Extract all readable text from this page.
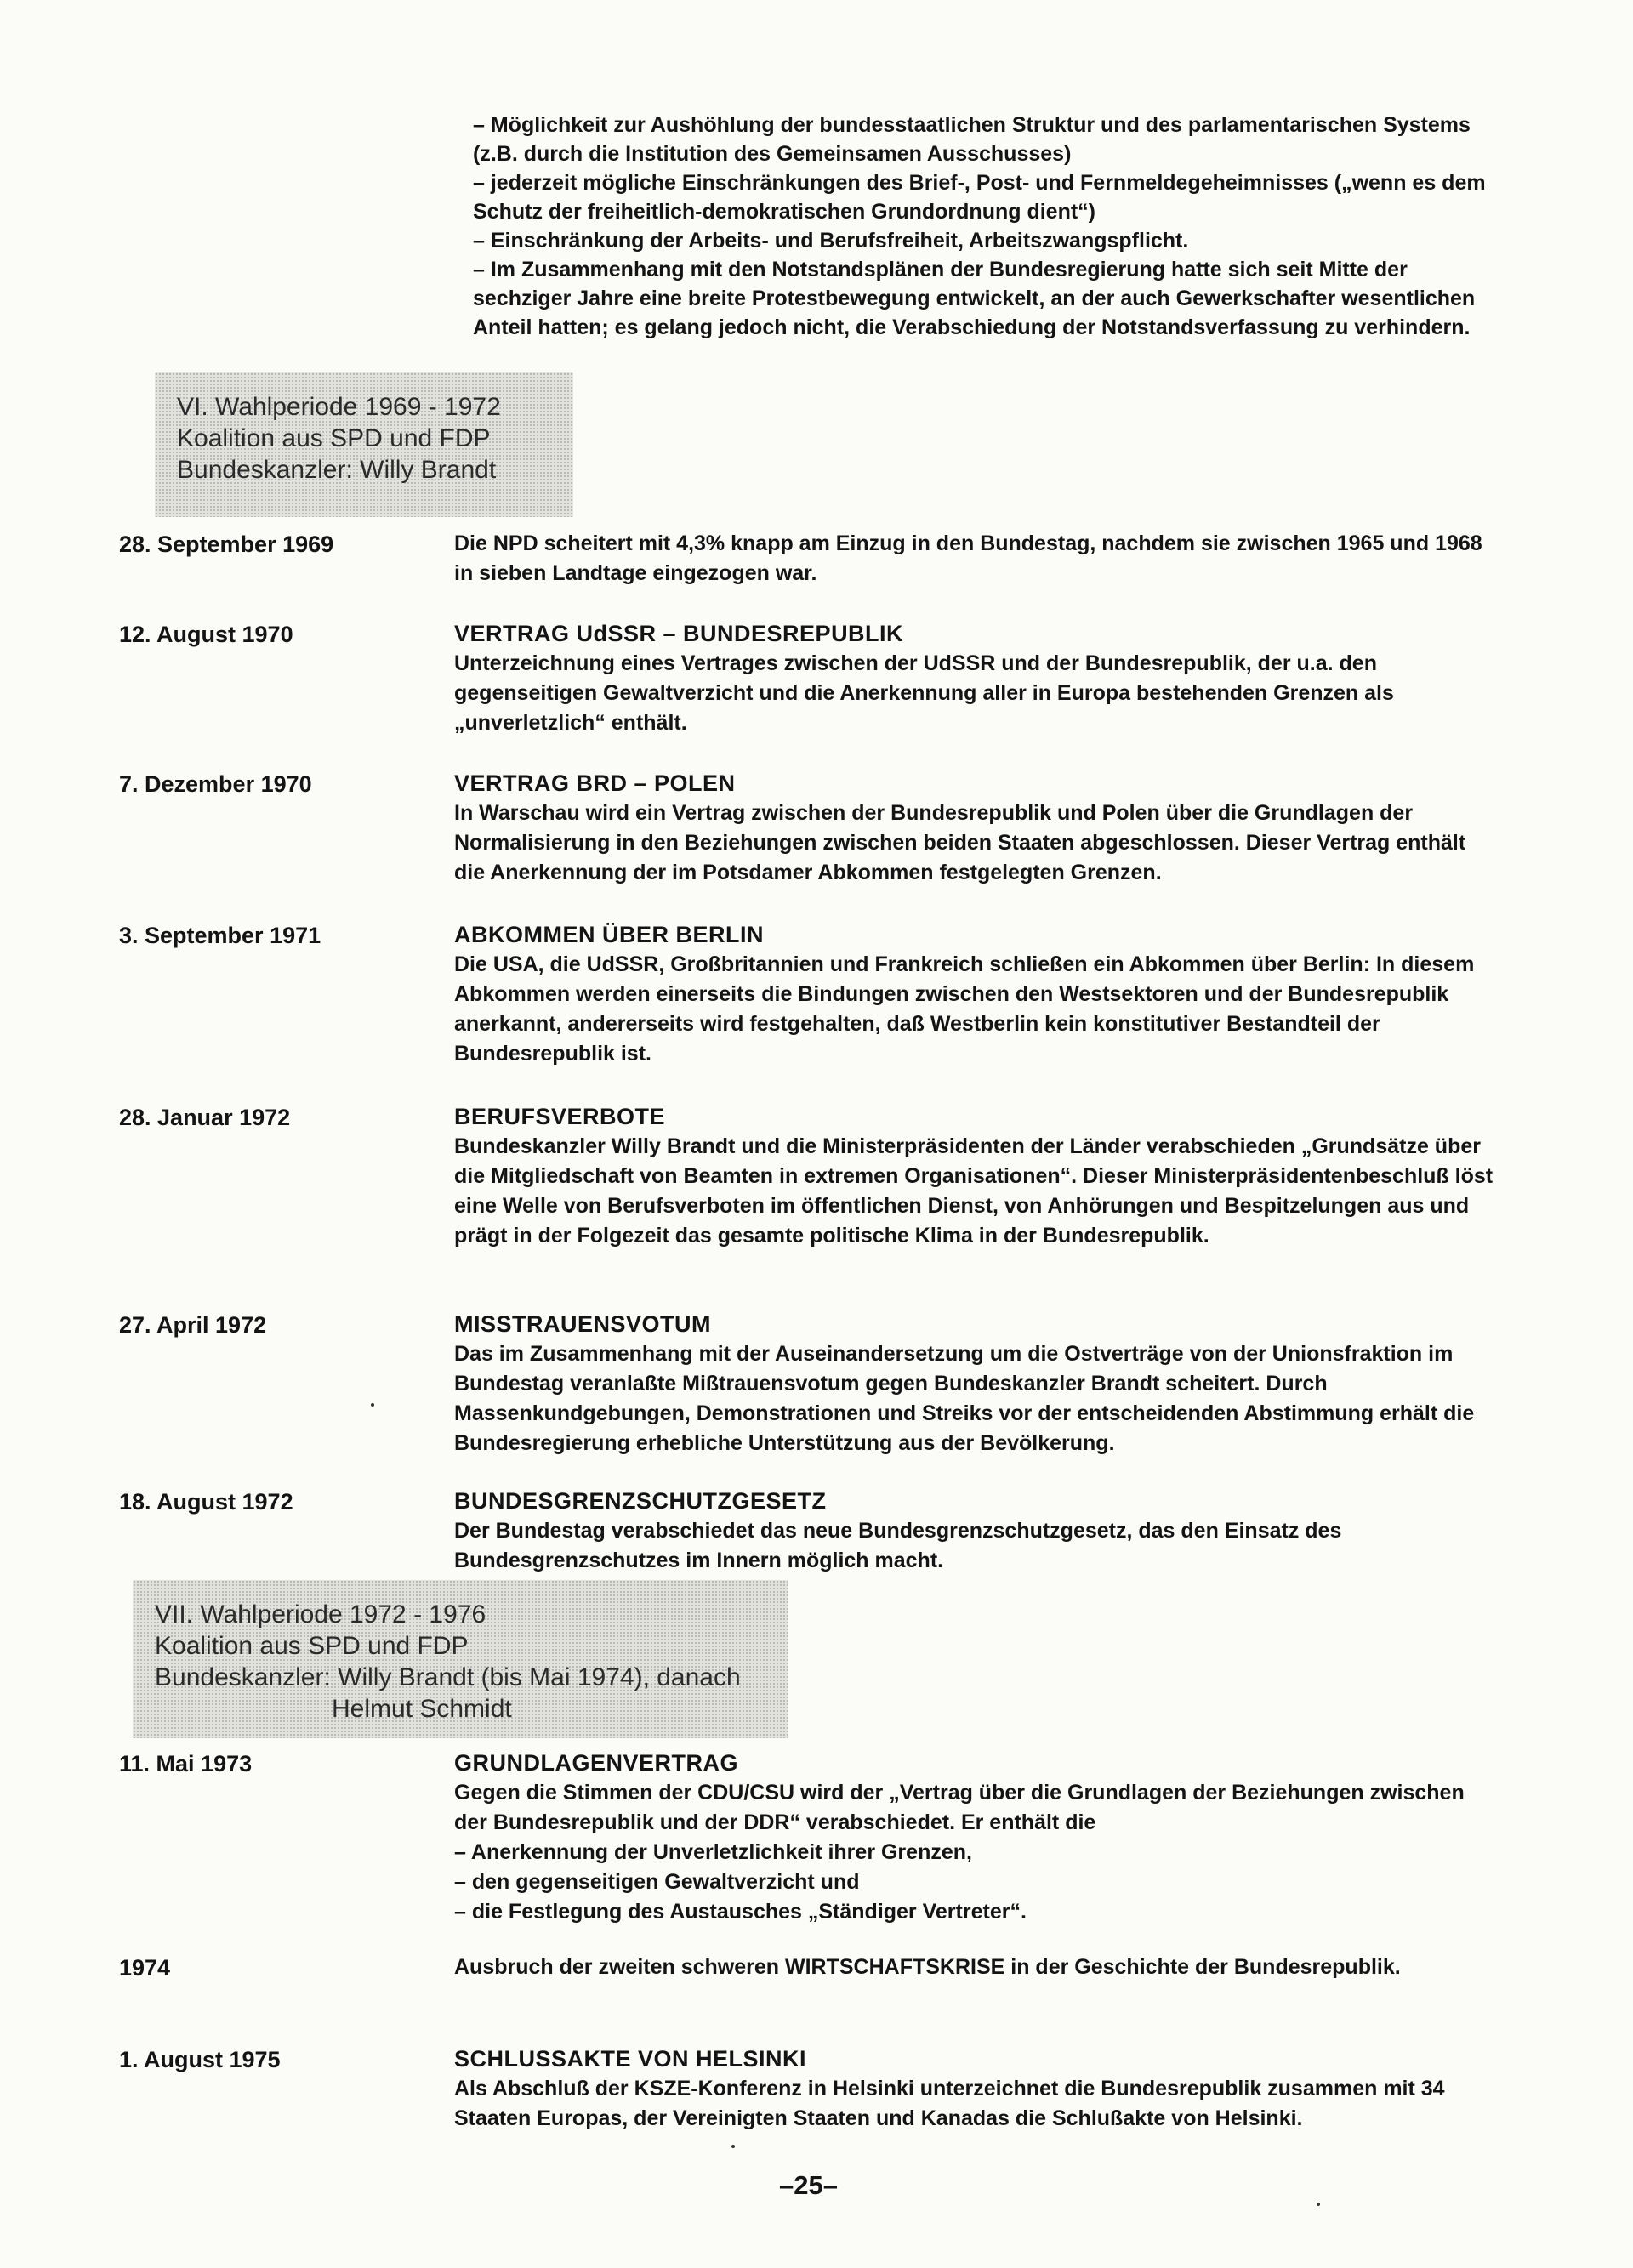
– Möglichkeit zur Aushöhlung der bundesstaatlichen Struktur und des parlamentarischen Systems (z.B. durch die Institution des Gemeinsamen Ausschusses)

– jederzeit mögliche Einschränkungen des Brief-, Post- und Fernmeldegeheimnisses („wenn es dem Schutz der freiheitlich-demokratischen Grundordnung dient“)

– Einschränkung der Arbeits- und Berufsfreiheit, Arbeitszwangspflicht.

– Im Zusammenhang mit den Notstandsplänen der Bundesregierung hatte sich seit Mitte der sechziger Jahre eine breite Protestbewegung entwickelt, an der auch Gewerkschafter wesentlichen Anteil hatten; es gelang jedoch nicht, die Verabschiedung der Notstandsverfassung zu verhindern.

VI. Wahlperiode 1969 - 1972
Koalition aus SPD und FDP
Bundeskanzler: Willy Brandt
28. September 1969	Die NPD scheitert mit 4,3% knapp am Einzug in den Bundestag, nachdem sie zwischen 1965 und 1968 in sieben Landtage eingezogen war.

12. August 1970	VERTRAG UdSSR – BUNDESREPUBLIK

Unterzeichnung eines Vertrages zwischen der UdSSR und der Bundesrepublik, der u.a. den gegenseitigen Gewaltverzicht und die Anerkennung aller in Europa bestehenden Grenzen als „unverletzlich“ enthält.

7. Dezember 1970	VERTRAG BRD – POLEN

In Warschau wird ein Vertrag zwischen der Bundesrepublik und Polen über die Grundlagen der Normalisierung in den Beziehungen zwischen beiden Staaten abgeschlossen. Dieser Vertrag enthält die Anerkennung der im Potsdamer Abkommen festgelegten Grenzen.

3. September 1971	ABKOMMEN ÜBER BERLIN

Die USA, die UdSSR, Großbritannien und Frankreich schließen ein Abkommen über Berlin: In diesem Abkommen werden einerseits die Bindungen zwischen den Westsektoren und der Bundesrepublik anerkannt, andererseits wird festgehalten, daß Westberlin kein konstitutiver Bestandteil der Bundesrepublik ist.

28. Januar 1972	BERUFSVERBOTE

Bundeskanzler Willy Brandt und die Ministerpräsidenten der Länder verabschieden „Grundsätze über die Mitgliedschaft von Beamten in extremen Organisationen“. Dieser Ministerpräsidentenbeschluß löst eine Welle von Berufsverboten im öffentlichen Dienst, von Anhörungen und Bespitzelungen aus und prägt in der Folgezeit das gesamte politische Klima in der Bundesrepublik.

27. April 1972	MISSTRAUENSVOTUM

Das im Zusammenhang mit der Auseinandersetzung um die Ostverträge von der Unionsfraktion im Bundestag veranlaßte Mißtrauensvotum gegen Bundeskanzler Brandt scheitert. Durch Massenkundgebungen, Demonstrationen und Streiks vor der entscheidenden Abstimmung erhält die Bundesregierung erhebliche Unterstützung aus der Bevölkerung.

18. August 1972	BUNDESGRENZSCHUTZGESETZ

Der Bundestag verabschiedet das neue Bundesgrenzschutzgesetz, das den Einsatz des Bundesgrenzschutzes im Innern möglich macht.

VII. Wahlperiode 1972 - 1976
Koalition aus SPD und FDP
Bundeskanzler: Willy Brandt (bis Mai 1974), danach
Helmut Schmidt
11. Mai 1973	GRUNDLAGENVERTRAG

Gegen die Stimmen der CDU/CSU wird der „Vertrag über die Grundlagen der Beziehungen zwischen der Bundesrepublik und der DDR“ verabschiedet. Er enthält die

– Anerkennung der Unverletzlichkeit ihrer Grenzen,
– den gegenseitigen Gewaltverzicht und
– die Festlegung des Austausches „Ständiger Vertreter“.
1974	Ausbruch der zweiten schweren WIRTSCHAFTSKRISE in der Geschichte der Bundesrepublik.

1. August 1975	SCHLUSSAKTE VON HELSINKI

Als Abschluß der KSZE-Konferenz in Helsinki unterzeichnet die Bundesrepublik zusammen mit 34 Staaten Europas, der Vereinigten Staaten und Kanadas die Schlußakte von Helsinki.

–25–
